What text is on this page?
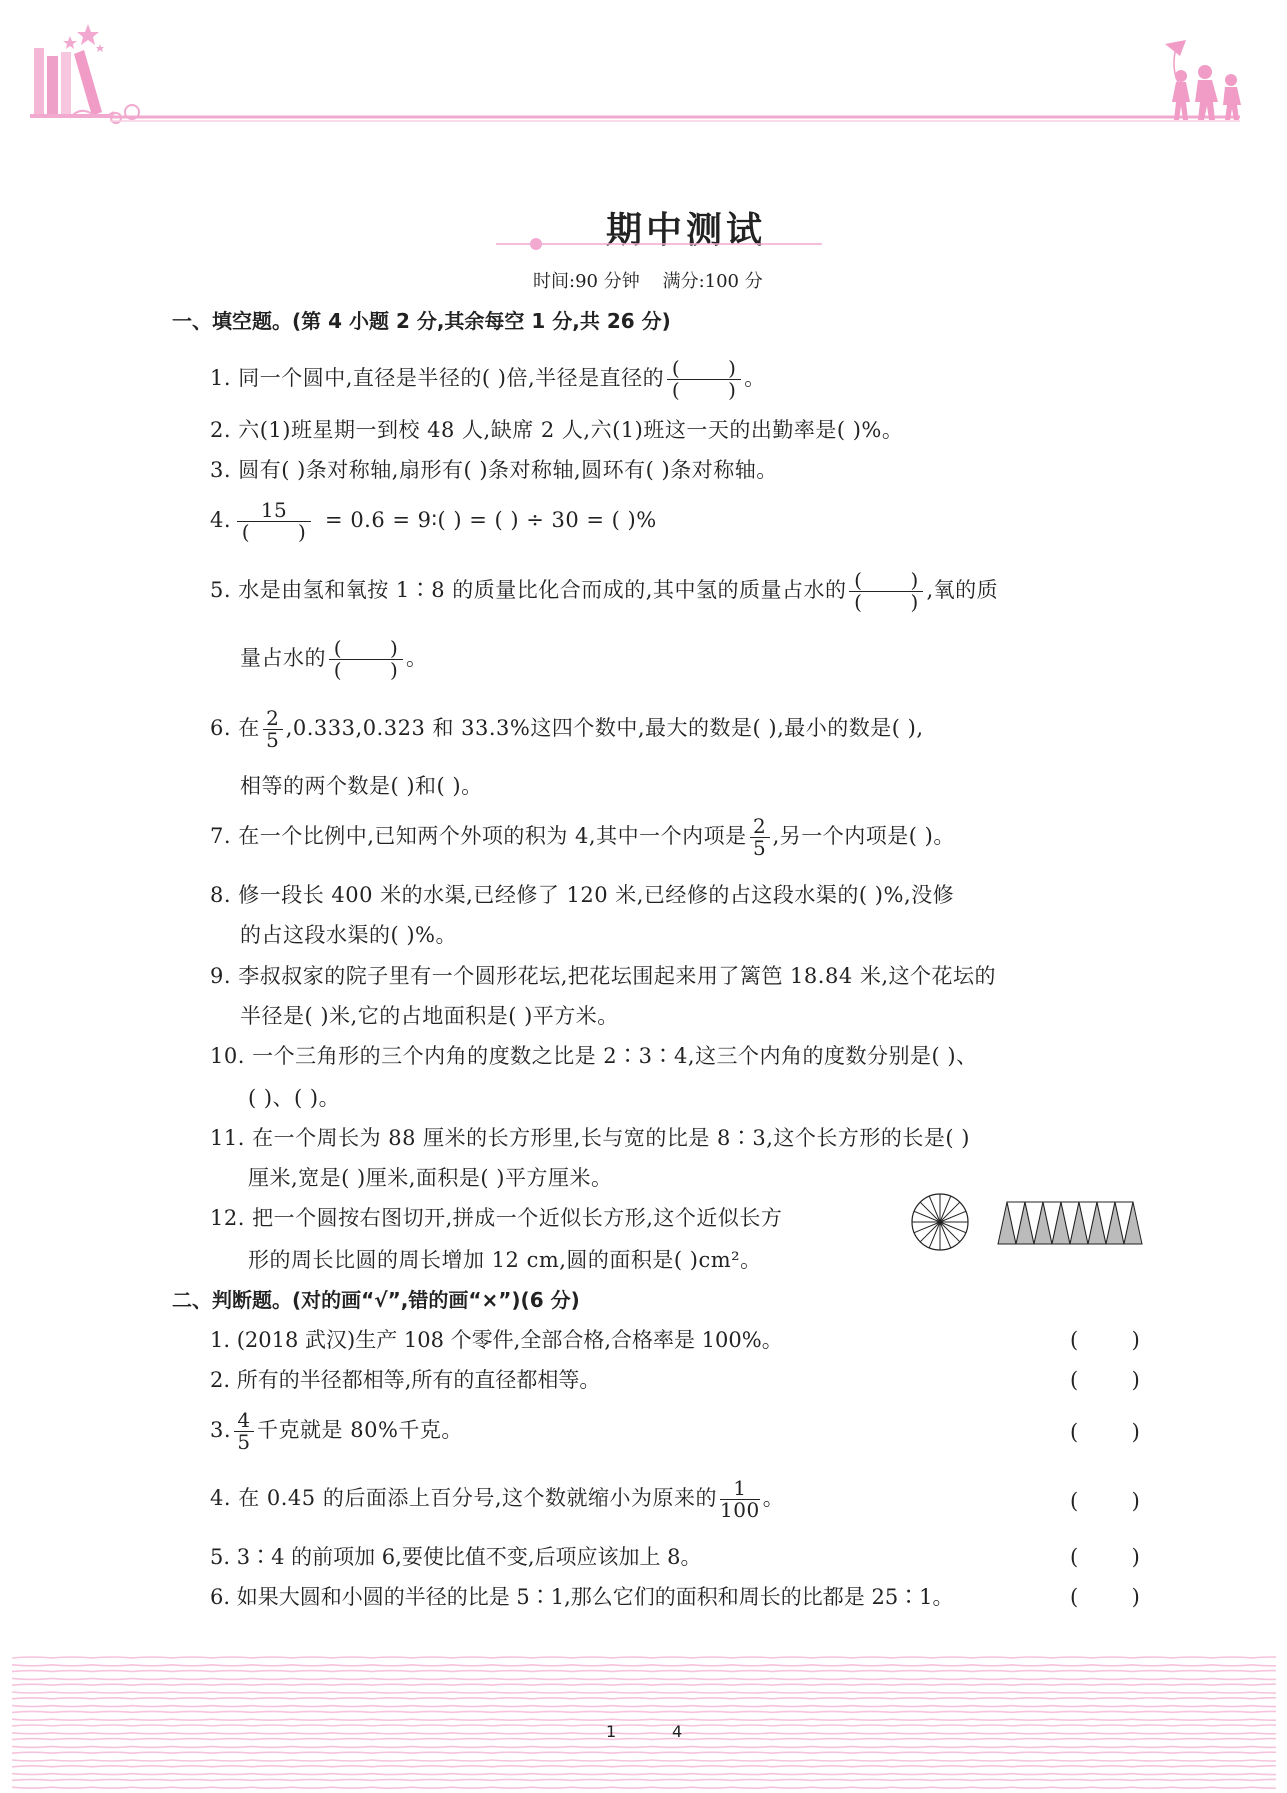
期中测试
时间:90 分钟    满分:100 分
一、填空题。(第 4 小题 2 分,其余每空 1 分,共 26 分)
1. 同一个圆中,直径是半径的( )倍,半径是直径的 $\frac{( )}{( )}$ 。
2. 六(1)班星期一到校 48 人,缺席 2 人,六(1)班这一天的出勤率是( )%。
3. 圆有( )条对称轴,扇形有( )条对称轴,圆环有( )条对称轴。
4. $\frac{15}{( )} = 0.6$ = 9∶( ) = ( ) ÷ 30 = ( )%
5. 水是由氢和氧按 1∶8 的质量比化合而成的,其中氢的质量占水的 $\frac{( )}{( )}$ ,氧的质
量占水的 $\frac{( )}{( )}$ 。
6. 在 $\frac{2}{5} ,0.333,0.323$ 和 33.3%这四个数中,最大的数是( ),最小的数是( ),
相等的两个数是( )和( )。
7. 在一个比例中,已知两个外项的积为 4,其中一个内项是 $\frac{2}{5}$ ,另一个内项是( )。
8. 修一段长 400 米的水渠,已经修了 120 米,已经修的占这段水渠的( )%,没修
的占这段水渠的( )%。
9. 李叔叔家的院子里有一个圆形花坛,把花坛围起来用了篱笆 18.84 米,这个花坛的
半径是( )米,它的占地面积是( )平方米。
10. 一个三角形的三个内角的度数之比是 2∶3∶4,这三个内角的度数分别是( )、
( )、( )。
11. 在一个周长为 88 厘米的长方形里,长与宽的比是 8∶3,这个长方形的长是( )
厘米,宽是( )厘米,面积是( )平方厘米。
12. 把一个圆按右图切开,拼成一个近似长方形,这个近似长方
形的周长比圆的周长增加 12 cm,圆的面积是( )cm²。
二、判断题。(对的画“√”,错的画“×”)(6 分)
1. (2018 武汉)生产 108 个零件,全部合格,合格率是 100%。	(        )
2. 所有的半径都相等,所有的直径都相等。	(        )
3. $\frac{4}{5}$ 千克就是 80%千克。	(        )
4. 在 0.45 的后面添上百分号,这个数就缩小为原来的 $\frac{1}{100}$ 。	(        )
5. 3∶4 的前项加 6,要使比值不变,后项应该加上 8。	(        )
6. 如果大圆和小圆的半径的比是 5∶1,那么它们的面积和周长的比都是 25∶1。	(        )
1	4
